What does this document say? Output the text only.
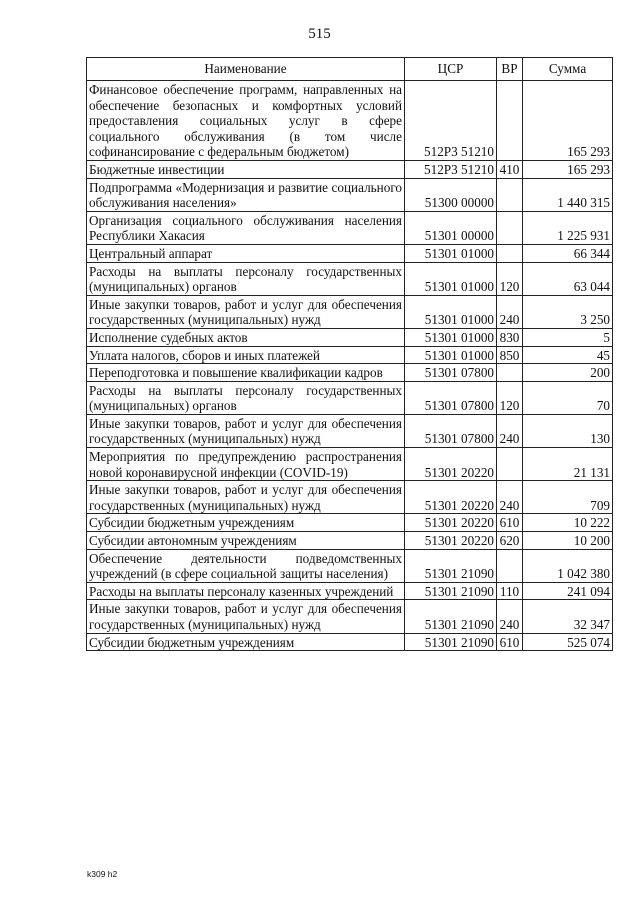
515
Наименование	ЦСР	ВР	Сумма
Финансовое обеспечение программ, направленных на обеспечение безопасных и комфортных условий предоставления социальных услуг в сфере социального обслуживания (в том числе софинансирование с федеральным бюджетом)	512Р3 51210		165 293
Бюджетные инвестиции	512Р3 51210	410	165 293
Подпрограмма «Модернизация и развитие социального обслуживания населения»	51300 00000		1 440 315
Организация социального обслуживания населения Республики Хакасия	51301 00000		1 225 931
Центральный аппарат	51301 01000		66 344
Расходы на выплаты персоналу государственных (муниципальных) органов	51301 01000	120	63 044
Иные закупки товаров, работ и услуг для обеспечения государственных (муниципальных) нужд	51301 01000	240	3 250
Исполнение судебных актов	51301 01000	830	5
Уплата налогов, сборов и иных платежей	51301 01000	850	45
Переподготовка и повышение квалификации кадров	51301 07800		200
Расходы на выплаты персоналу государственных (муниципальных) органов	51301 07800	120	70
Иные закупки товаров, работ и услуг для обеспечения государственных (муниципальных) нужд	51301 07800	240	130
Мероприятия по предупреждению распространения новой коронавирусной инфекции (COVID-19)	51301 20220		21 131
Иные закупки товаров, работ и услуг для обеспечения государственных (муниципальных) нужд	51301 20220	240	709
Субсидии бюджетным учреждениям	51301 20220	610	10 222
Субсидии автономным учреждениям	51301 20220	620	10 200
Обеспечение деятельности подведомственных учреждений (в сфере социальной защиты населения)	51301 21090		1 042 380
Расходы на выплаты персоналу казенных учреждений	51301 21090	110	241 094
Иные закупки товаров, работ и услуг для обеспечения государственных (муниципальных) нужд	51301 21090	240	32 347
Субсидии бюджетным учреждениям	51301 21090	610	525 074
k309 h2
